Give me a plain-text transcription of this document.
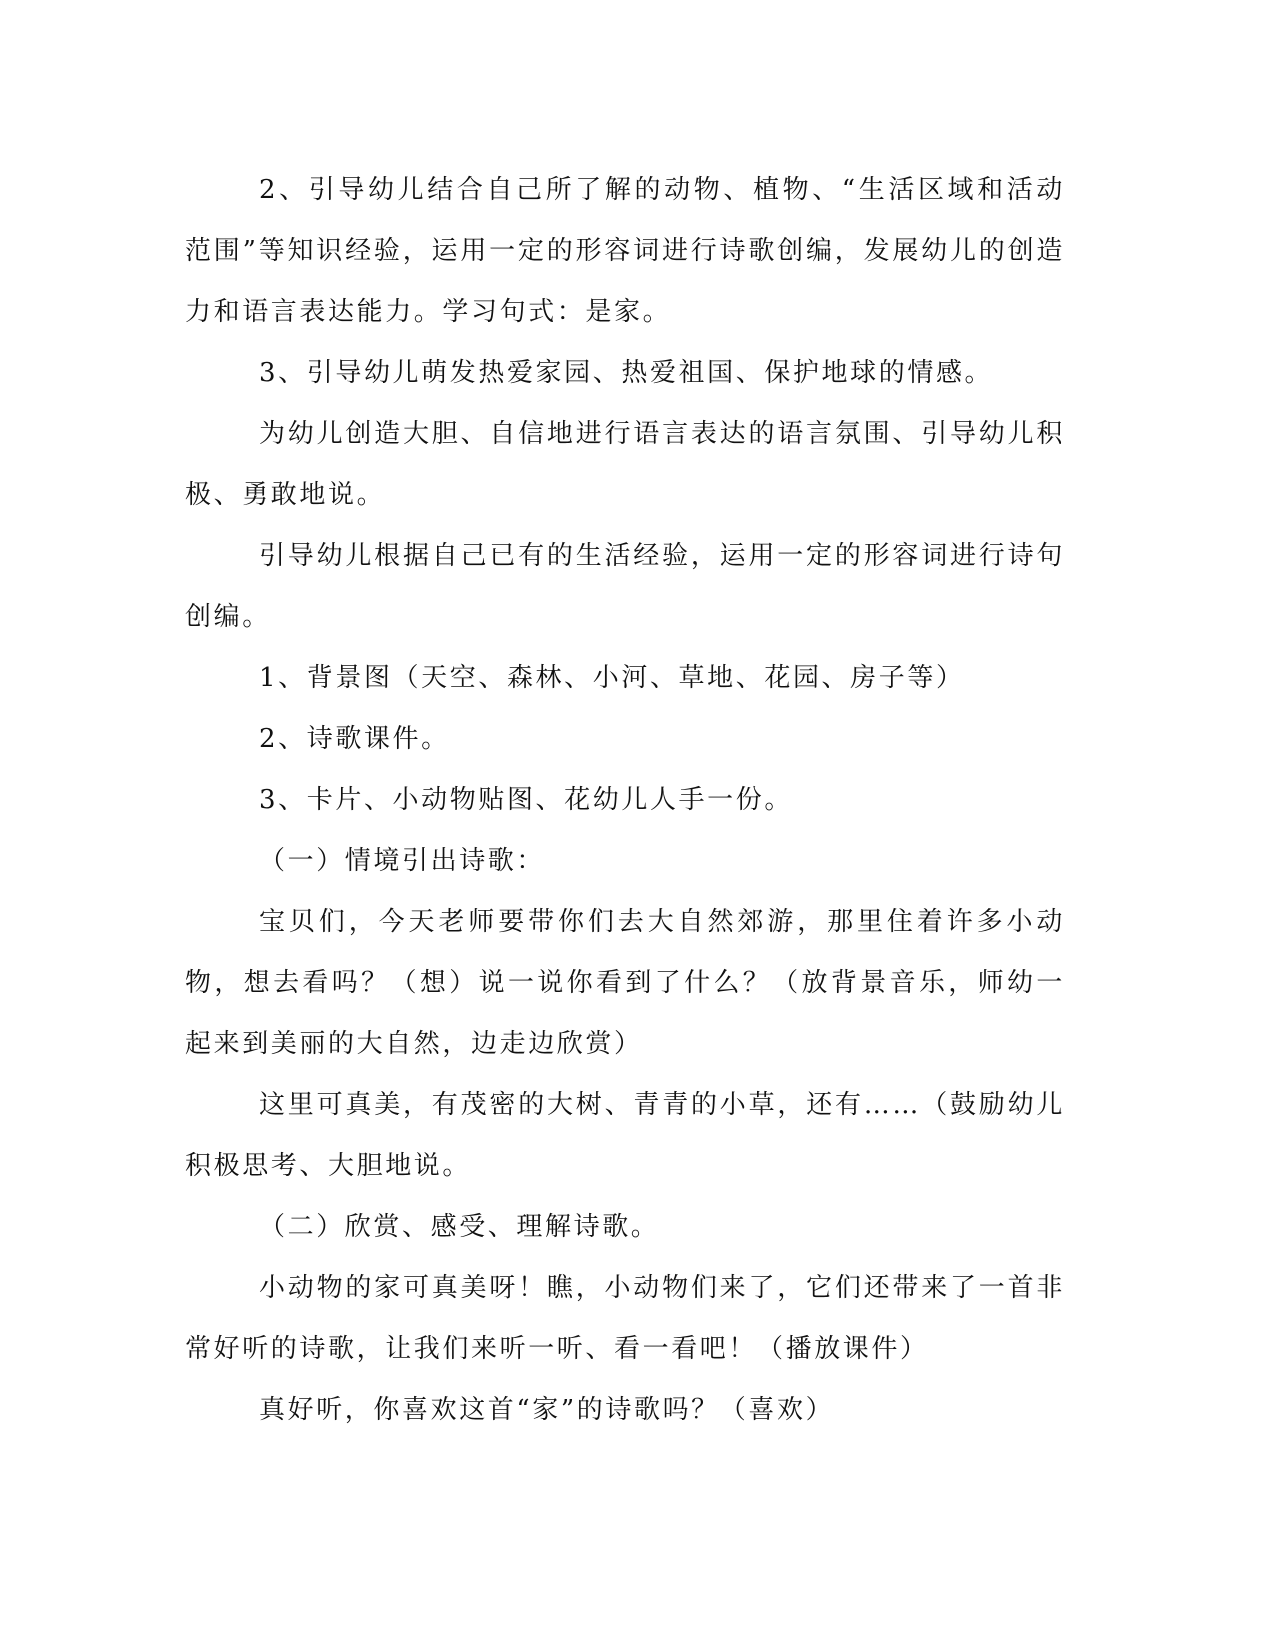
2、引导幼儿结合自己所了解的动物、植物、“生活区域和活动范围”等知识经验，运用一定的形容词进行诗歌创编，发展幼儿的创造力和语言表达能力。学习句式：是家。

3、引导幼儿萌发热爱家园、热爱祖国、保护地球的情感。

为幼儿创造大胆、自信地进行语言表达的语言氛围、引导幼儿积极、勇敢地说。

引导幼儿根据自己已有的生活经验，运用一定的形容词进行诗句创编。

1、背景图（天空、森林、小河、草地、花园、房子等）

2、诗歌课件。

3、卡片、小动物贴图、花幼儿人手一份。

（一）情境引出诗歌：

宝贝们，今天老师要带你们去大自然郊游，那里住着许多小动物，想去看吗？（想）说一说你看到了什么？（放背景音乐，师幼一起来到美丽的大自然，边走边欣赏）

这里可真美，有茂密的大树、青青的小草，还有……（鼓励幼儿积极思考、大胆地说。

（二）欣赏、感受、理解诗歌。

小动物的家可真美呀！瞧，小动物们来了，它们还带来了一首非常好听的诗歌，让我们来听一听、看一看吧！（播放课件）

真好听，你喜欢这首“家”的诗歌吗？（喜欢）
